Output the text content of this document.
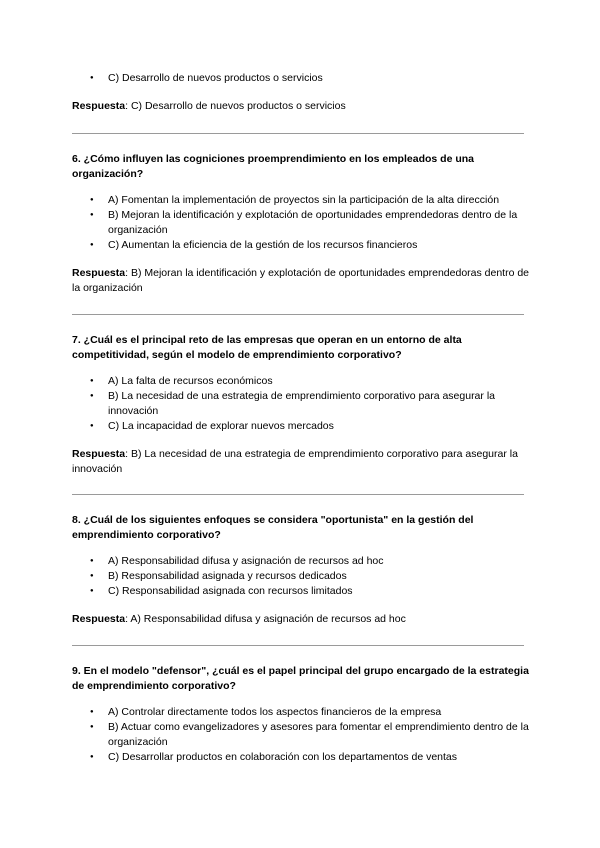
● C) Desarrollo de nuevos productos o servicios
Respuesta: C) Desarrollo de nuevos productos o servicios
6. ¿Cómo influyen las cogniciones proemprendimiento en los empleados de una organización?
● A) Fomentan la implementación de proyectos sin la participación de la alta dirección
● B) Mejoran la identificación y explotación de oportunidades emprendedoras dentro de la organización
● C) Aumentan la eficiencia de la gestión de los recursos financieros
Respuesta: B) Mejoran la identificación y explotación de oportunidades emprendedoras dentro de la organización
7. ¿Cuál es el principal reto de las empresas que operan en un entorno de alta competitividad, según el modelo de emprendimiento corporativo?
● A) La falta de recursos económicos
● B) La necesidad de una estrategia de emprendimiento corporativo para asegurar la innovación
● C) La incapacidad de explorar nuevos mercados
Respuesta: B) La necesidad de una estrategia de emprendimiento corporativo para asegurar la innovación
8. ¿Cuál de los siguientes enfoques se considera "oportunista" en la gestión del emprendimiento corporativo?
● A) Responsabilidad difusa y asignación de recursos ad hoc
● B) Responsabilidad asignada y recursos dedicados
● C) Responsabilidad asignada con recursos limitados
Respuesta: A) Responsabilidad difusa y asignación de recursos ad hoc
9. En el modelo "defensor", ¿cuál es el papel principal del grupo encargado de la estrategia de emprendimiento corporativo?
● A) Controlar directamente todos los aspectos financieros de la empresa
● B) Actuar como evangelizadores y asesores para fomentar el emprendimiento dentro de la organización
● C) Desarrollar productos en colaboración con los departamentos de ventas
